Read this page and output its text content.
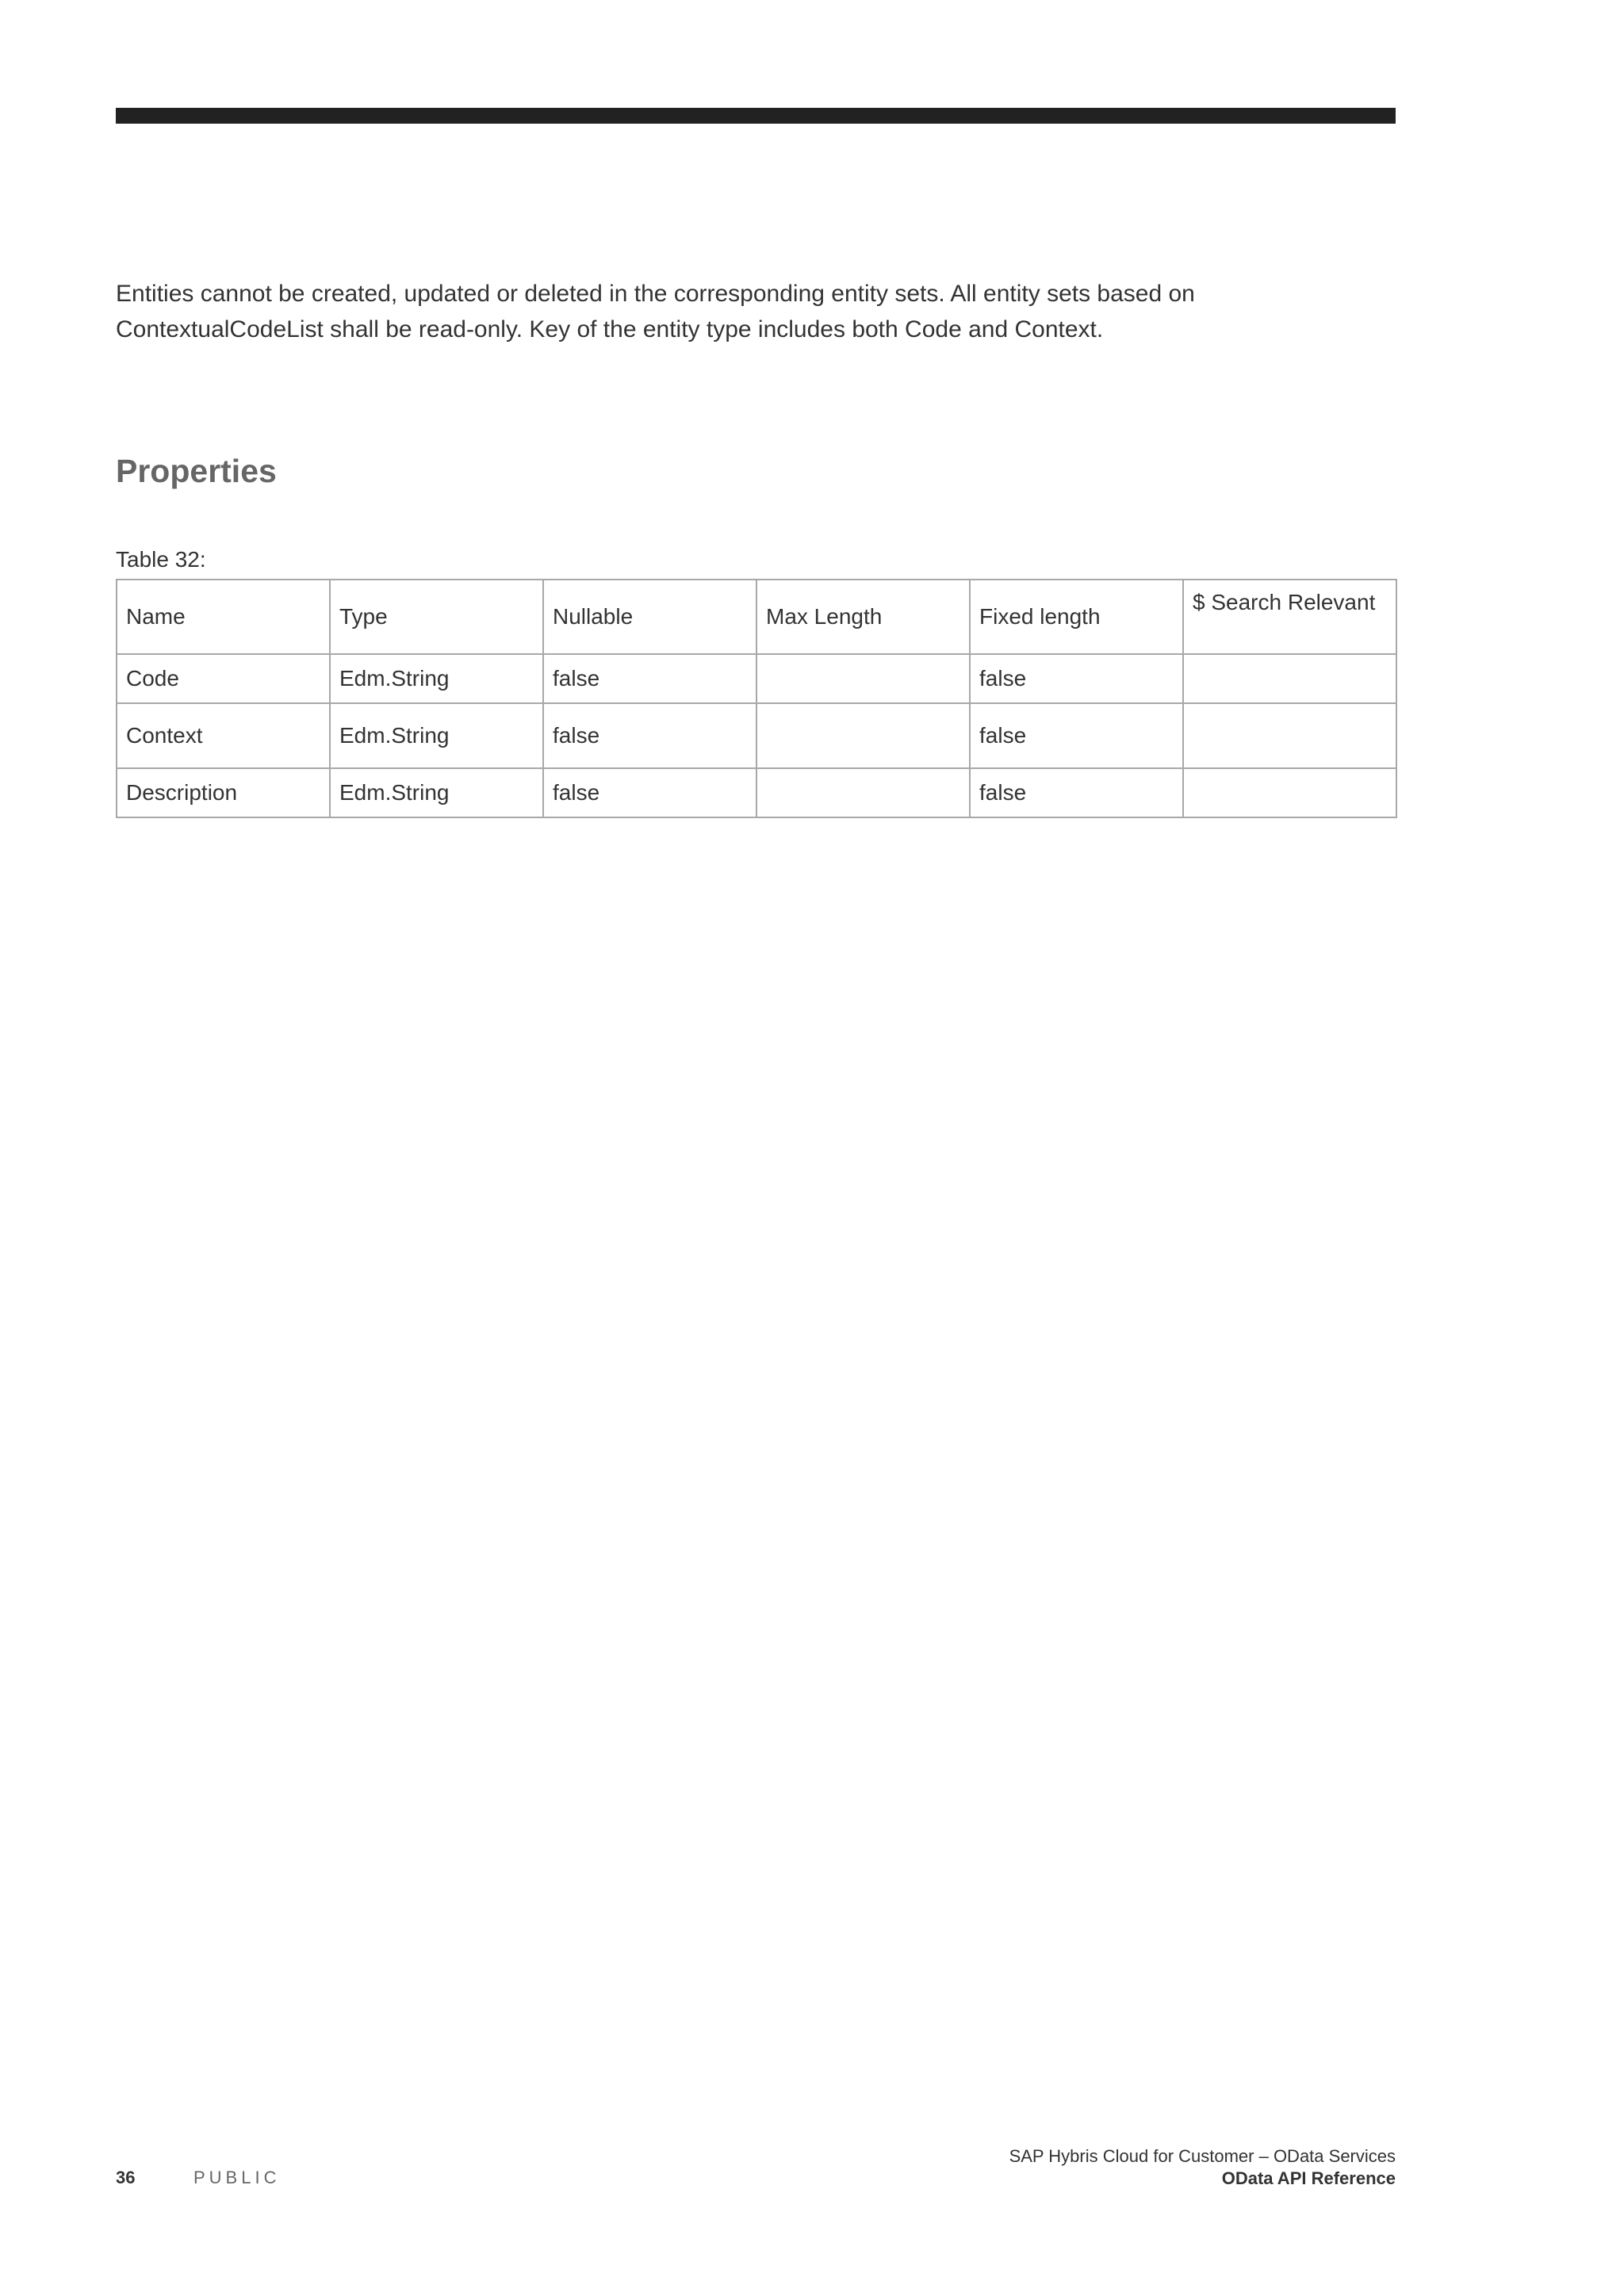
Entities cannot be created, updated or deleted in the corresponding entity sets. All entity sets based on
ContextualCodeList shall be read-only. Key of the entity type includes both Code and Context.

Properties
Table 32:
Name	Type	Nullable	Max Length	Fixed length	$ Search Relevant
Code	Edm.String	false		false	
Context	Edm.String	false		false	
Description	Edm.String	false		false	
36	PUBLIC
SAP Hybris Cloud for Customer – OData Services
OData API Reference
